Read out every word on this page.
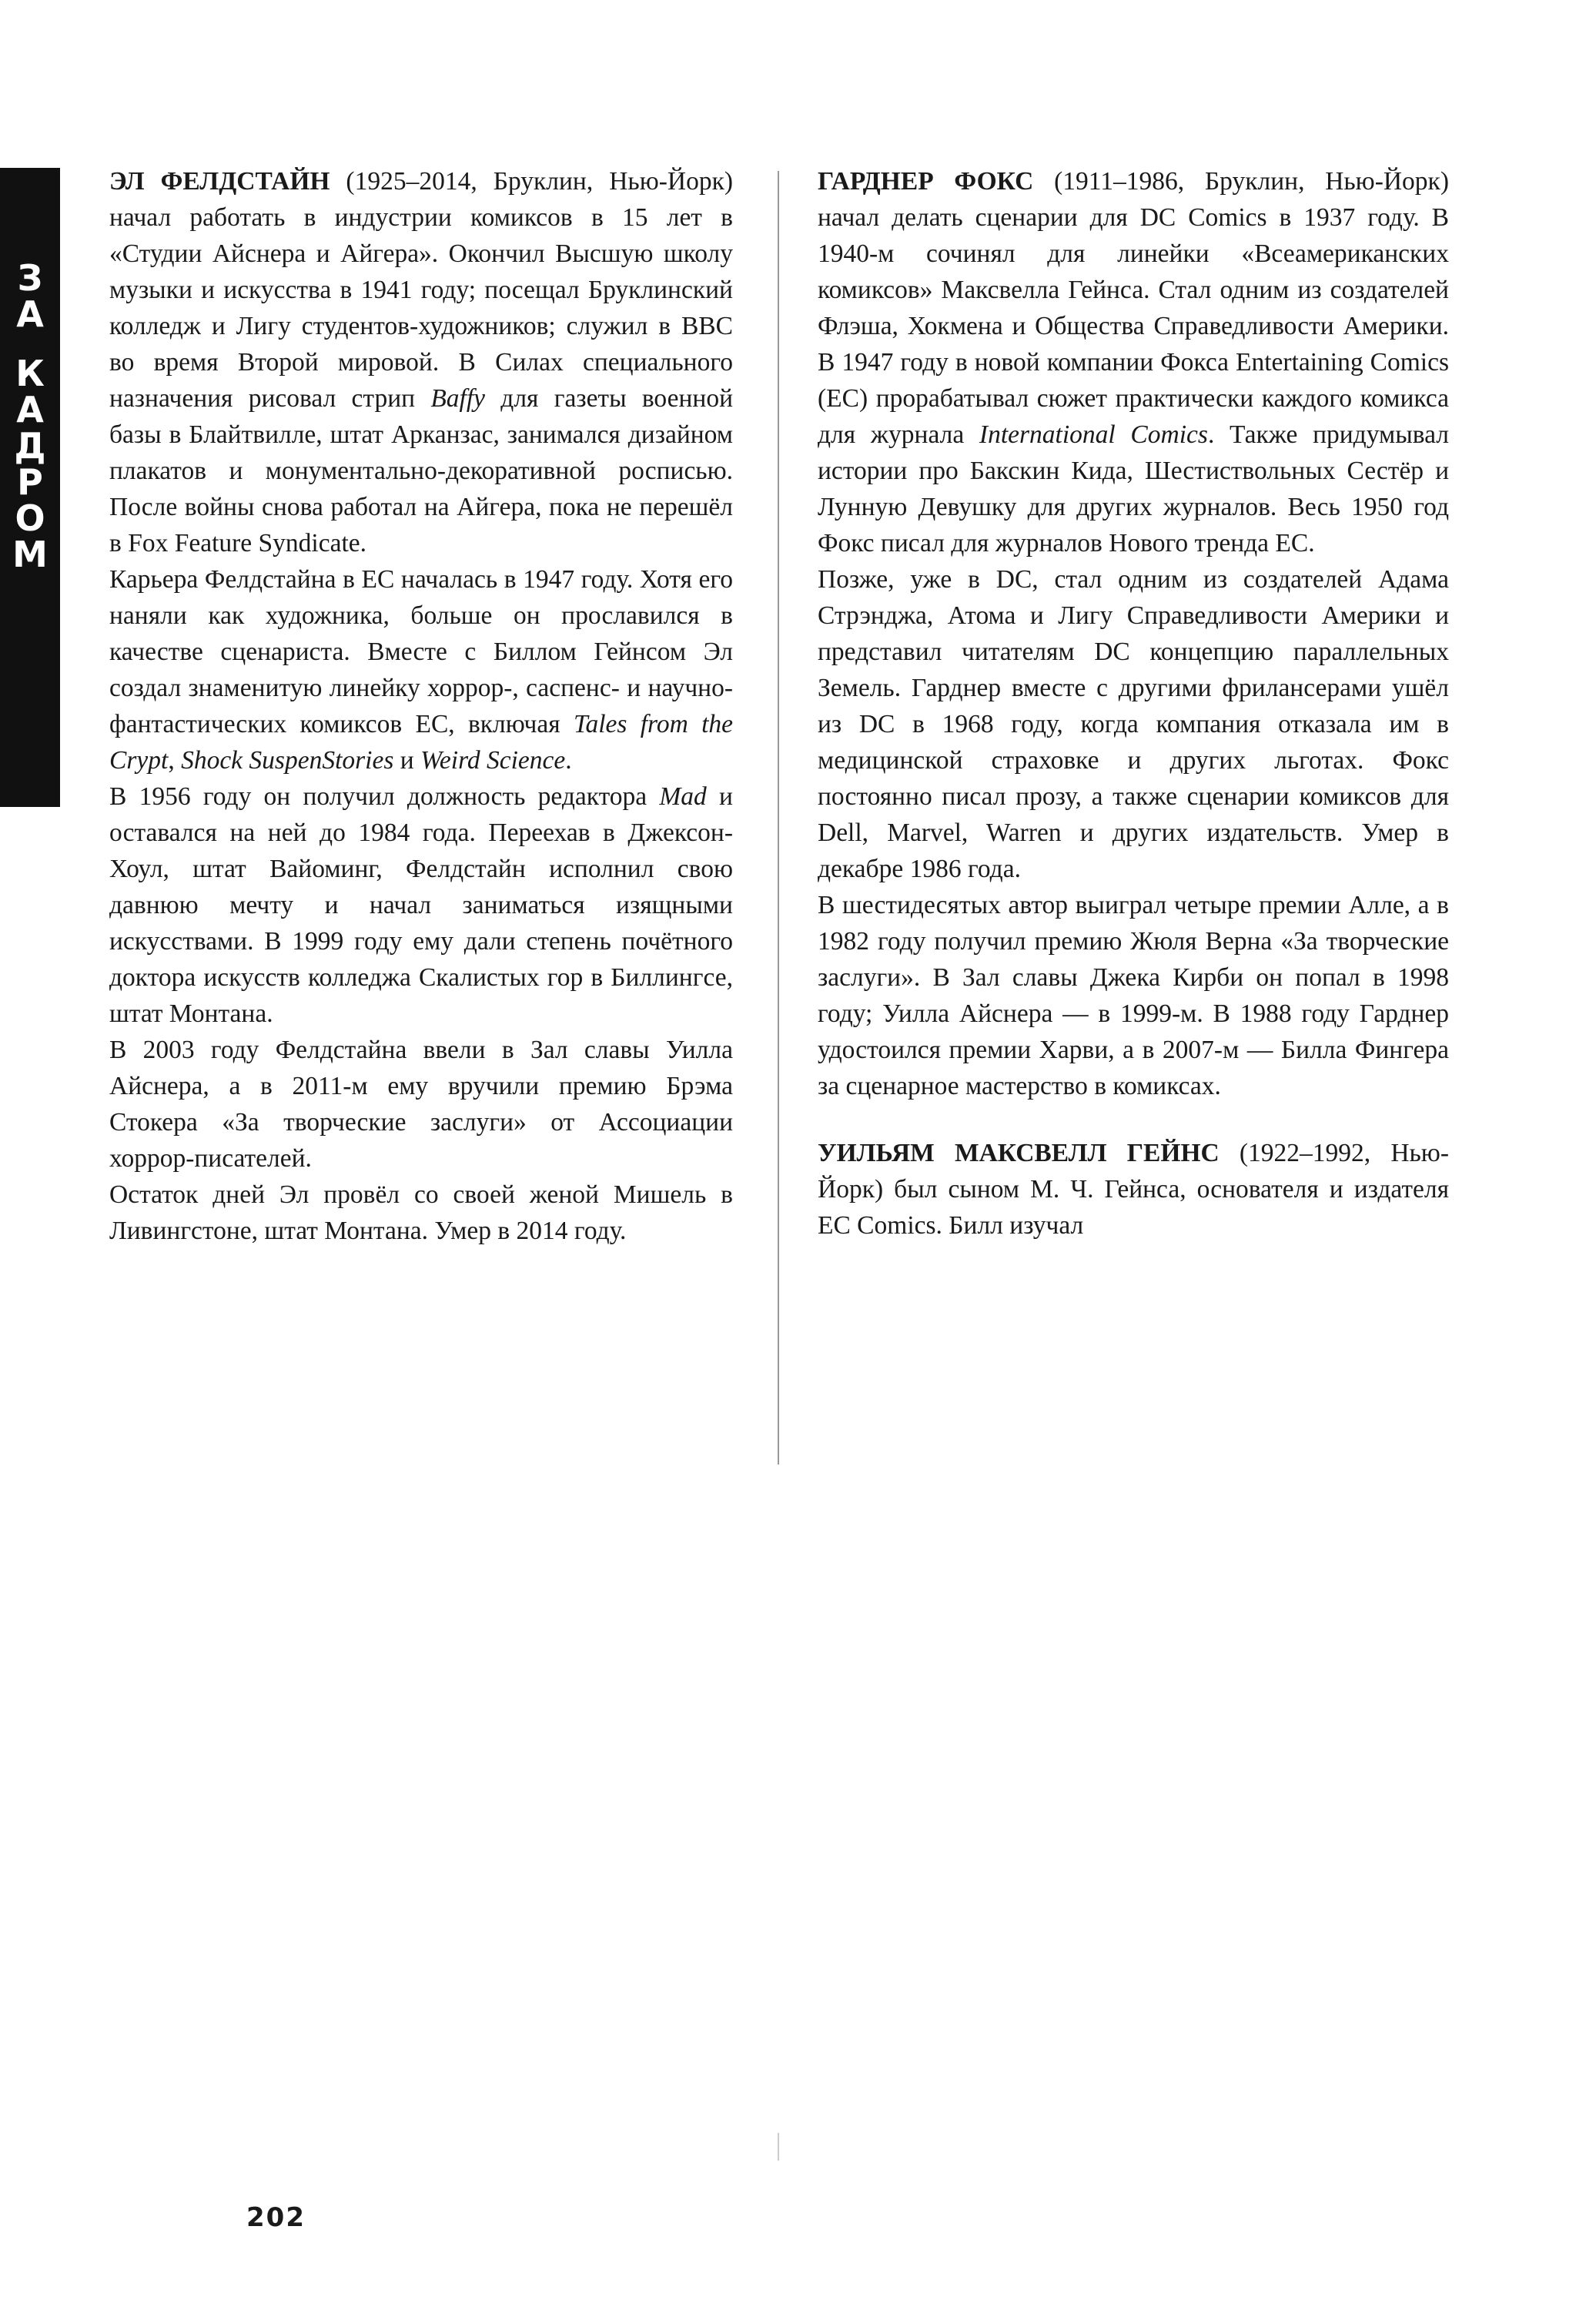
З
А
К
А
Д
Р
О
М

ЭЛ ФЕЛДСТАЙН (1925–2014, Бруклин, Нью-Йорк) начал работать в индустрии комиксов в 15 лет в «Студии Айснера и Айгера». Окончил Высшую школу музыки и искусства в 1941 году; посещал Бруклинский колледж и Лигу студентов-художников; служил в ВВС во время Второй мировой. В Силах специального назначения рисовал стрип Baffy для газеты военной базы в Блайтвилле, штат Арканзас, занимался дизайном плакатов и монументально-декоративной росписью. После войны снова работал на Айгера, пока не перешёл в Fox Feature Syndicate.

Карьера Фелдстайна в EC началась в 1947 году. Хотя его наняли как художника, больше он прославился в качестве сценариста. Вместе с Биллом Гейнсом Эл создал знаменитую линейку хоррор-, саспенс- и научно-фантастических комиксов EC, включая Tales from the Crypt, Shock SuspenStories и Weird Science.

В 1956 году он получил должность редактора Mad и оставался на ней до 1984 года. Переехав в Джексон-Хоул, штат Вайоминг, Фелдстайн исполнил свою давнюю мечту и начал заниматься изящными искусствами. В 1999 году ему дали степень почётного доктора искусств колледжа Скалистых гор в Биллингсе, штат Монтана.

В 2003 году Фелдстайна ввели в Зал славы Уилла Айснера, а в 2011-м ему вручили премию Брэма Стокера «За творческие заслуги» от Ассоциации хоррор-писателей.

Остаток дней Эл провёл со своей женой Мишель в Ливингстоне, штат Монтана. Умер в 2014 году.

ГАРДНЕР ФОКС (1911–1986, Бруклин, Нью-Йорк) начал делать сценарии для DC Comics в 1937 году. В 1940-м сочинял для линейки «Всеамериканских комиксов» Максвелла Гейнса. Стал одним из создателей Флэша, Хокмена и Общества Справедливости Америки. В 1947 году в новой компании Фокса Entertaining Comics (EC) прорабатывал сюжет практически каждого комикса для журнала International Comics. Также придумывал истории про Бакскин Кида, Шестиствольных Сестёр и Лунную Девушку для других журналов. Весь 1950 год Фокс писал для журналов Нового тренда EC.

Позже, уже в DC, стал одним из создателей Адама Стрэнджа, Атома и Лигу Справедливости Америки и представил читателям DC концепцию параллельных Земель. Гарднер вместе с другими фрилансерами ушёл из DC в 1968 году, когда компания отказала им в медицинской страховке и других льготах. Фокс постоянно писал прозу, а также сценарии комиксов для Dell, Marvel, Warren и других издательств. Умер в декабре 1986 года.

В шестидесятых автор выиграл четыре премии Алле, а в 1982 году получил премию Жюля Верна «За творческие заслуги». В Зал славы Джека Кирби он попал в 1998 году; Уилла Айснера — в 1999-м. В 1988 году Гарднер удостоился премии Харви, а в 2007-м — Билла Фингера за сценарное мастерство в комиксах.

УИЛЬЯМ МАКСВЕЛЛ ГЕЙНС (1922–1992, Нью-Йорк) был сыном М. Ч. Гейнса, основателя и издателя EC Comics. Билл изучал

202
